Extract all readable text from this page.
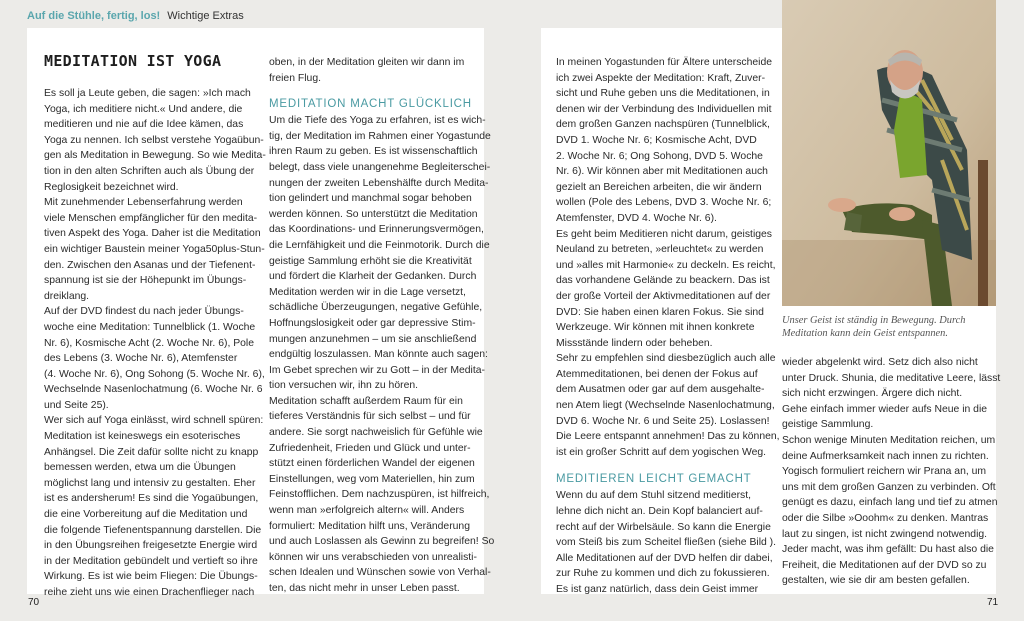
Auf die Stühle, fertig, los! Wichtige Extras

MEDITATION IST YOGA

Es soll ja Leute geben, die sagen: »Ich mach
Yoga, ich meditiere nicht.« Und andere, die
meditieren und nie auf die Idee kämen, das
Yoga zu nennen. Ich selbst verstehe Yogaübun-
gen als Meditation in Bewegung. So wie Medita-
tion in den alten Schriften auch als Übung der
Reglosigkeit bezeichnet wird.
Mit zunehmender Lebenserfahrung werden
viele Menschen empfänglicher für den medita-
tiven Aspekt des Yoga. Daher ist die Meditation
ein wichtiger Baustein meiner Yoga50plus-Stun-
den. Zwischen den Asanas und der Tiefenent-
spannung ist sie der Höhepunkt im Übungs-
dreiklang.
Auf der DVD findest du nach jeder Übungs-
woche eine Meditation: Tunnelblick (1. Woche
Nr. 6), Kosmische Acht (2. Woche Nr. 6), Pole
des Lebens (3. Woche Nr. 6), Atemfenster
(4. Woche Nr. 6), Ong Sohong (5. Woche Nr. 6),
Wechselnde Nasenlochatmung (6. Woche Nr. 6
und Seite 25).
Wer sich auf Yoga einlässt, wird schnell spüren:
Meditation ist keineswegs ein esoterisches
Anhängsel. Die Zeit dafür sollte nicht zu knapp
bemessen werden, etwa um die Übungen
möglichst lang und intensiv zu gestalten. Eher
ist es andersherum! Es sind die Yogaübungen,
die eine Vorbereitung auf die Meditation und
die folgende Tiefenentspannung darstellen. Die
in den Übungsreihen freigesetzte Energie wird
in der Meditation gebündelt und vertieft so ihre
Wirkung. Es ist wie beim Fliegen: Die Übungs-
reihe zieht uns wie einen Drachenflieger nach
oben, in der Meditation gleiten wir dann im
freien Flug.

MEDITATION MACHT GLÜCKLICH

Um die Tiefe des Yoga zu erfahren, ist es wich-
tig, der Meditation im Rahmen einer Yogastunde
ihren Raum zu geben. Es ist wissenschaftlich
belegt, dass viele unangenehme Begleiterschei-
nungen der zweiten Lebenshälfte durch Medita-
tion gelindert und manchmal sogar behoben
werden können. So unterstützt die Meditation
das Koordinations- und Erinnerungsvermögen,
die Lernfähigkeit und die Feinmotorik. Durch die
geistige Sammlung erhöht sie die Kreativität
und fördert die Klarheit der Gedanken. Durch
Meditation werden wir in die Lage versetzt,
schädliche Überzeugungen, negative Gefühle,
Hoffnungslosigkeit oder gar depressive Stim-
mungen anzunehmen – um sie anschließend
endgültig loszulassen. Man könnte auch sagen:
Im Gebet sprechen wir zu Gott – in der Medita-
tion versuchen wir, ihn zu hören.
Meditation schafft außerdem Raum für ein
tieferes Verständnis für sich selbst – und für
andere. Sie sorgt nachweislich für Gefühle wie
Zufriedenheit, Frieden und Glück und unter-
stützt einen förderlichen Wandel der eigenen
Einstellungen, weg vom Materiellen, hin zum
Feinstofflichen. Dem nachzuspüren, ist hilfreich,
wenn man »erfolgreich altern« will. Anders
formuliert: Meditation hilft uns, Veränderung
und auch Loslassen als Gewinn zu begreifen! So
können wir uns verabschieden von unrealisti-
schen Idealen und Wünschen sowie von Verhal-
ten, das nicht mehr in unser Leben passt.
In meinen Yogastunden für Ältere unterscheide
ich zwei Aspekte der Meditation: Kraft, Zuver-
sicht und Ruhe geben uns die Meditationen, in
denen wir der Verbindung des Individuellen mit
dem großen Ganzen nachspüren (Tunnelblick,
DVD 1. Woche Nr. 6; Kosmische Acht, DVD
2. Woche Nr. 6; Ong Sohong, DVD 5. Woche
Nr. 6). Wir können aber mit Meditationen auch
gezielt an Bereichen arbeiten, die wir ändern
wollen (Pole des Lebens, DVD 3. Woche Nr. 6;
Atemfenster, DVD 4. Woche Nr. 6).
Es geht beim Meditieren nicht darum, geistiges
Neuland zu betreten, »erleuchtet« zu werden
und »alles mit Harmonie« zu deckeln. Es reicht,
das vorhandene Gelände zu beackern. Das ist
der große Vorteil der Aktivmeditationen auf der
DVD: Sie haben einen klaren Fokus. Sie sind
Werkzeuge. Wir können mit ihnen konkrete
Missstände lindern oder beheben.
Sehr zu empfehlen sind diesbezüglich auch alle
Atemmeditationen, bei denen der Fokus auf
dem Ausatmen oder gar auf dem ausgehalte-
nen Atem liegt (Wechselnde Nasenlochatmung,
DVD 6. Woche Nr. 6 und Seite 25). Loslassen!
Die Leere entspannt annehmen! Das zu können,
ist ein großer Schritt auf dem yogischen Weg.

MEDITIEREN LEICHT GEMACHT

Wenn du auf dem Stuhl sitzend meditierst,
lehne dich nicht an. Dein Kopf balanciert auf-
recht auf der Wirbelsäule. So kann die Energie
vom Steiß bis zum Scheitel fließen (siehe Bild ).
Alle Meditationen auf der DVD helfen dir dabei,
zur Ruhe zu kommen und dich zu fokussieren.
Es ist ganz natürlich, dass dein Geist immer
wieder abgelenkt wird. Setz dich also nicht
unter Druck. Shunia, die meditative Leere, lässt
sich nicht erzwingen. Ärgere dich nicht.
Gehe einfach immer wieder aufs Neue in die
geistige Sammlung.
Schon wenige Minuten Meditation reichen, um
deine Aufmerksamkeit nach innen zu richten.
Yogisch formuliert reichern wir Prana an, um
uns mit dem großen Ganzen zu verbinden. Oft
genügt es dazu, einfach lang und tief zu atmen
oder die Silbe »Ooohm« zu denken. Mantras
laut zu singen, ist nicht zwingend notwendig.
Jeder macht, was ihm gefällt: Du hast also die
Freiheit, die Meditationen auf der DVD so zu
gestalten, wie sie dir am besten gefallen.
Unser Geist ist ständig in Bewegung. Durch
Meditation kann dein Geist entspannen.
70	71
